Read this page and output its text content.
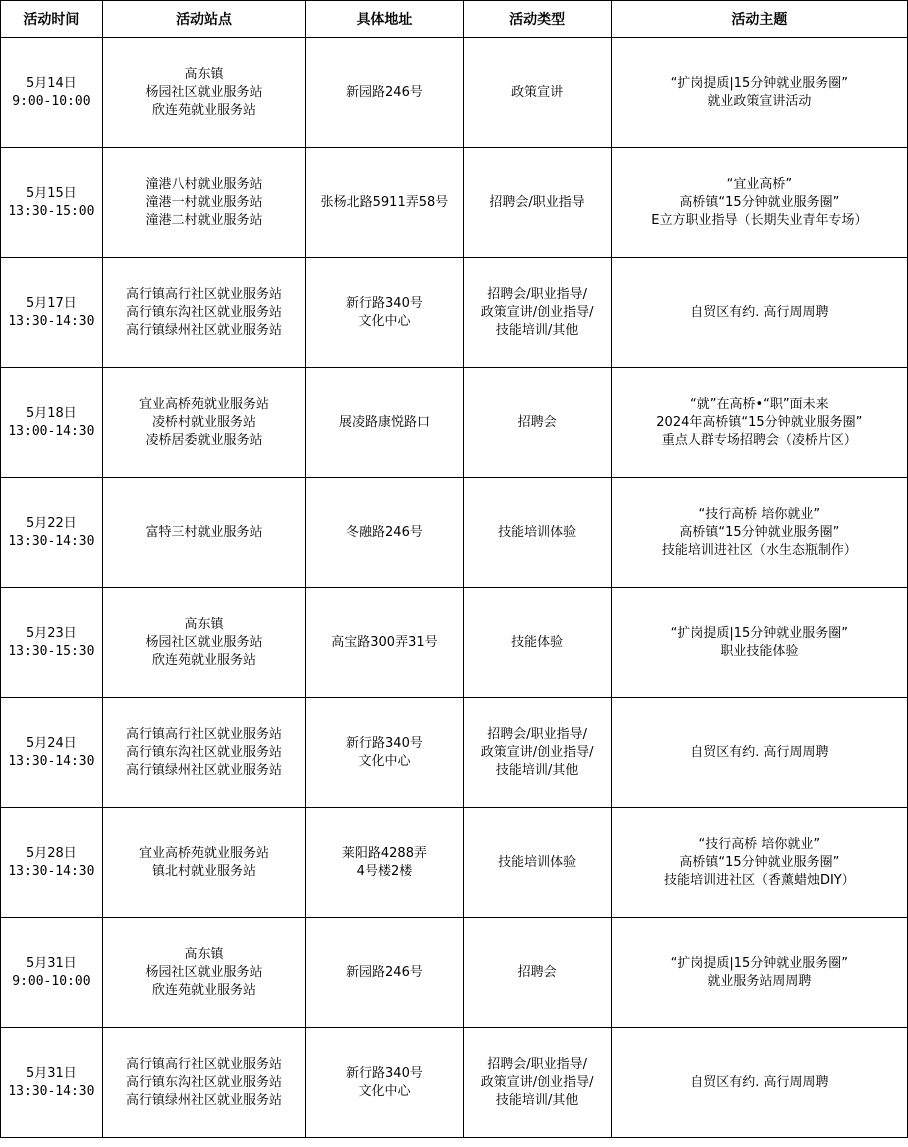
活动时间	活动站点	具体地址	活动类型	活动主题

5月14日
9:00-10:00	高东镇
杨园社区就业服务站
欣连苑就业服务站	新园路246号	政策宣讲	“扩岗提质|15分钟就业服务圈”
就业政策宣讲活动

5月15日
13:30-15:00	潼港八村就业服务站
潼港一村就业服务站
潼港二村就业服务站	张杨北路5911弄58号	招聘会/职业指导	“宜业高桥”
高桥镇“15分钟就业服务圈”
E立方职业指导（长期失业青年专场）

5月17日
13:30-14:30	高行镇高行社区就业服务站
高行镇东沟社区就业服务站
高行镇绿州社区就业服务站	新行路340号
文化中心	招聘会/职业指导/
政策宣讲/创业指导/
技能培训/其他	自贸区有约. 高行周周聘

5月18日
13:00-14:30	宜业高桥苑就业服务站
凌桥村就业服务站
凌桥居委就业服务站	展凌路康悦路口	招聘会	“就”在高桥•“职”面未来
2024年高桥镇“15分钟就业服务圈”
重点人群专场招聘会（凌桥片区）

5月22日
13:30-14:30	富特三村就业服务站	冬融路246号	技能培训体验	“技行高桥 培你就业”
高桥镇“15分钟就业服务圈”
技能培训进社区（水生态瓶制作）

5月23日
13:30-15:30	高东镇
杨园社区就业服务站
欣连苑就业服务站	高宝路300弄31号	技能体验	“扩岗提质|15分钟就业服务圈”
职业技能体验

5月24日
13:30-14:30	高行镇高行社区就业服务站
高行镇东沟社区就业服务站
高行镇绿州社区就业服务站	新行路340号
文化中心	招聘会/职业指导/
政策宣讲/创业指导/
技能培训/其他	自贸区有约. 高行周周聘

5月28日
13:30-14:30	宜业高桥苑就业服务站
镇北村就业服务站	莱阳路4288弄
4号楼2楼	技能培训体验	“技行高桥 培你就业”
高桥镇“15分钟就业服务圈”
技能培训进社区（香薰蜡烛DIY）

5月31日
9:00-10:00	高东镇
杨园社区就业服务站
欣连苑就业服务站	新园路246号	招聘会	“扩岗提质|15分钟就业服务圈”
就业服务站周周聘

5月31日
13:30-14:30	高行镇高行社区就业服务站
高行镇东沟社区就业服务站
高行镇绿州社区就业服务站	新行路340号
文化中心	招聘会/职业指导/
政策宣讲/创业指导/
技能培训/其他	自贸区有约. 高行周周聘
